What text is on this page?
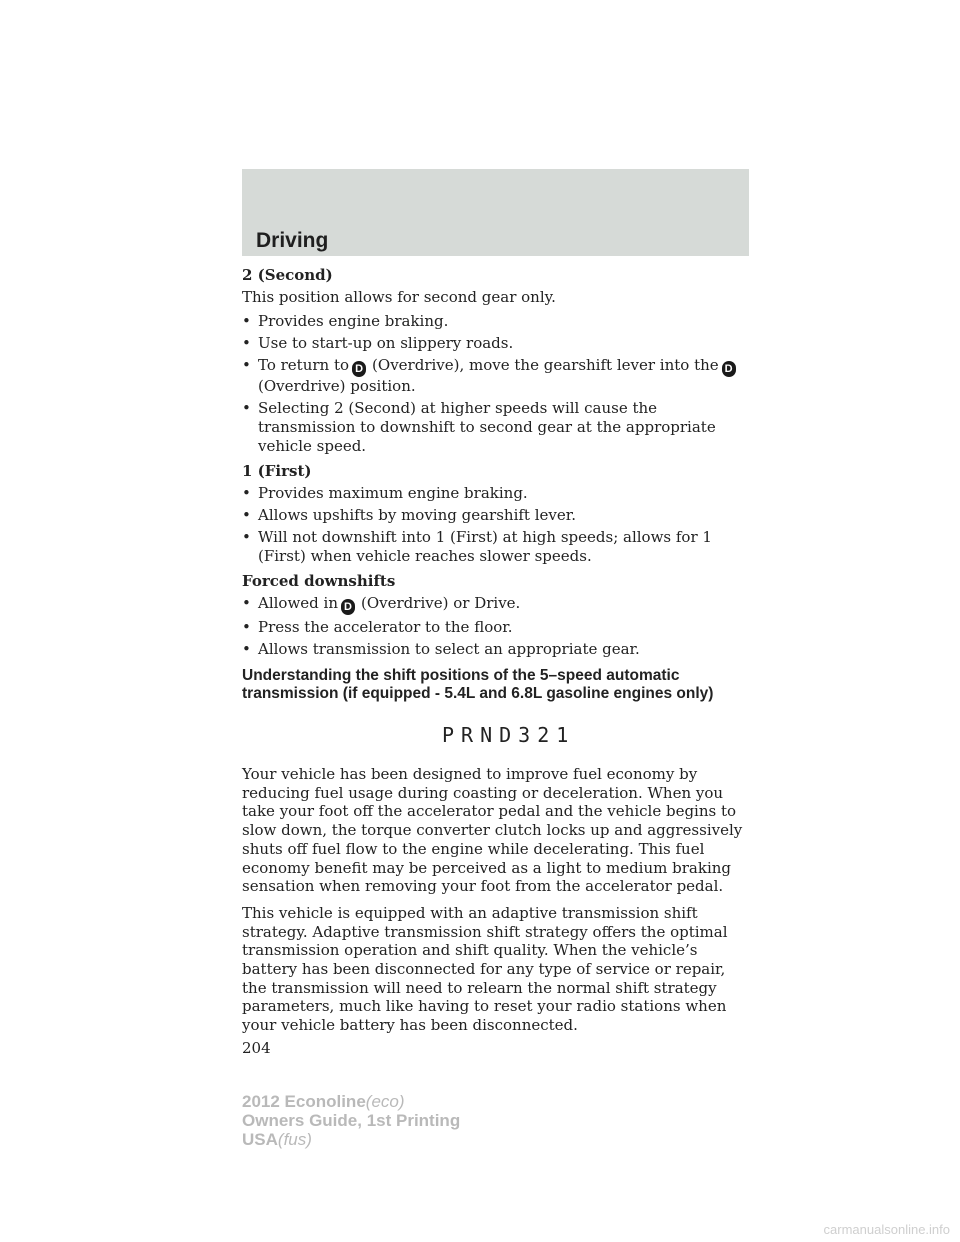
Driving
2 (Second)
This position allows for second gear only.
• Provides engine braking.
• Use to start-up on slippery roads.
• To return to D (Overdrive), move the gearshift lever into the D
(Overdrive) position.
• Selecting 2 (Second) at higher speeds will cause the transmission to downshift to second gear at the appropriate vehicle speed.
1 (First)
• Provides maximum engine braking.
• Allows upshifts by moving gearshift lever.
• Will not downshift into 1 (First) at high speeds; allows for 1 (First) when vehicle reaches slower speeds.
Forced downshifts
• Allowed in D (Overdrive) or Drive.
• Press the accelerator to the floor.
• Allows transmission to select an appropriate gear.
Understanding the shift positions of the 5–speed automatic
transmission (if equipped - 5.4L and 6.8L gasoline engines only)
PRND321
Your vehicle has been designed to improve fuel economy by reducing fuel usage during coasting or deceleration. When you take your foot off the accelerator pedal and the vehicle begins to slow down, the torque converter clutch locks up and aggressively shuts off fuel flow to the engine while decelerating. This fuel economy benefit may be perceived as a light to medium braking sensation when removing your foot from the accelerator pedal.
This vehicle is equipped with an adaptive transmission shift strategy. Adaptive transmission shift strategy offers the optimal transmission operation and shift quality. When the vehicle’s battery has been disconnected for any type of service or repair, the transmission will need to relearn the normal shift strategy parameters, much like having to reset your radio stations when your vehicle battery has been disconnected.
204
2012 Econoline(eco)
Owners Guide, 1st Printing
USA(fus)
carmanualsonline.info
